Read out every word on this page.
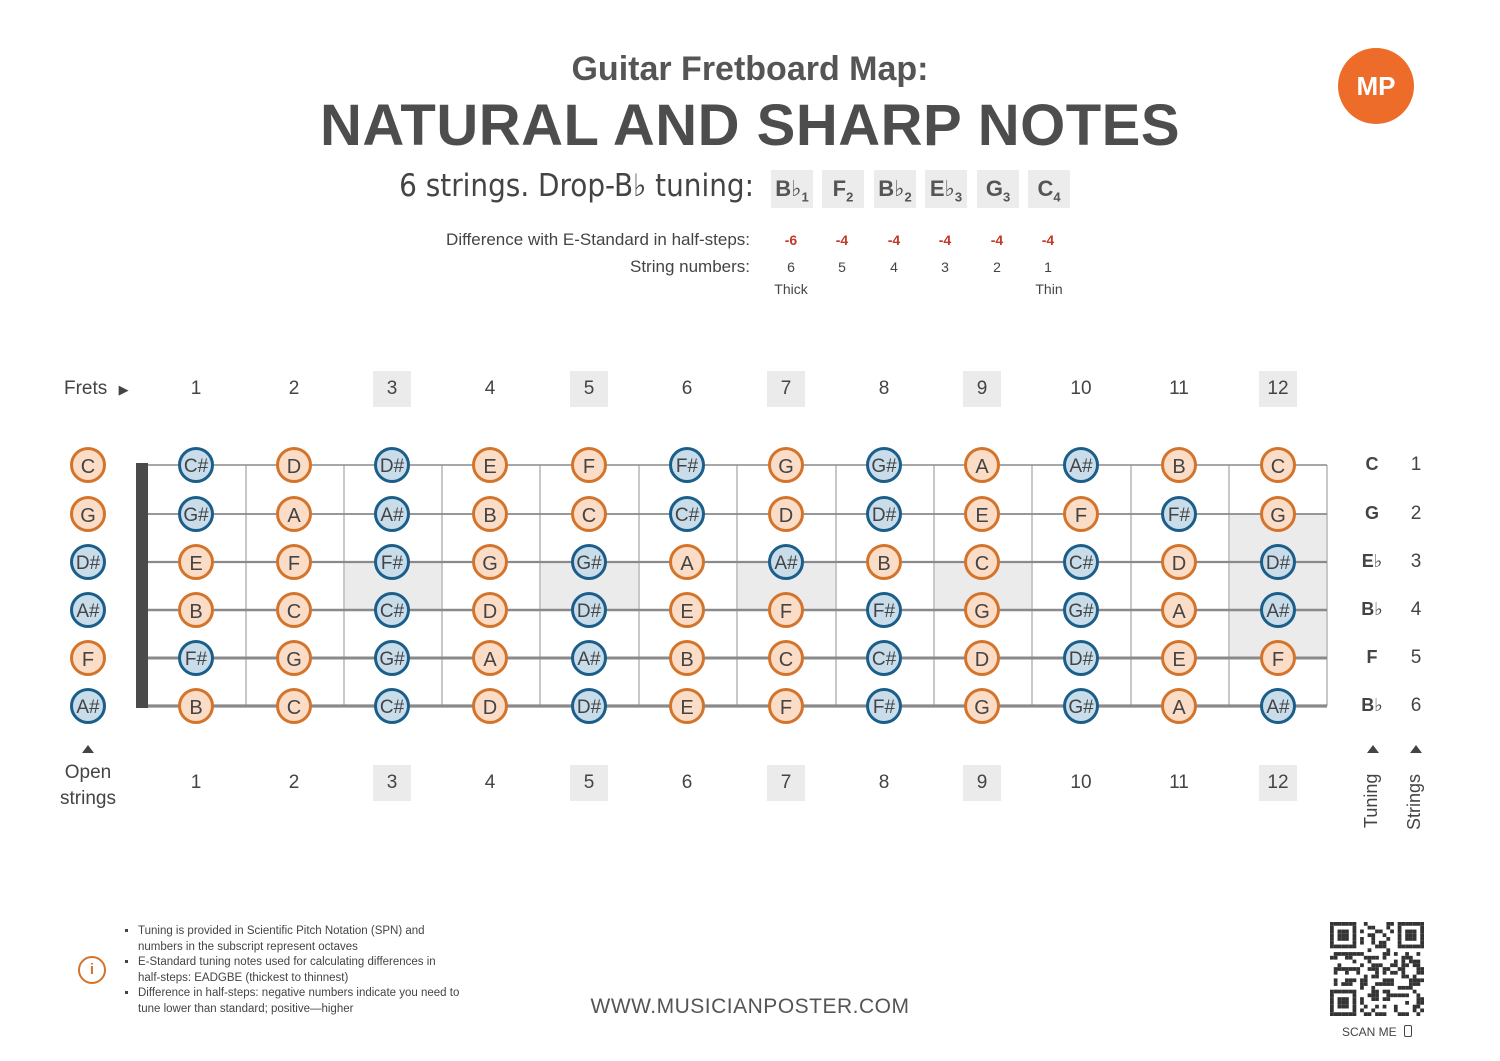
Guitar Fretboard Map:
NATURAL AND SHARP NOTES
MP
6 strings. Drop-B♭ tuning: $B♭_1$	$F_2$	$B♭_2$ $E♭_3$	$G_3$	$C_4$
Difference with E-Standard in half-steps:
String numbers:
-6	-4	-4	-4	-4	-4
6	5	4	3	2	1
Thick	Thin
Frets ▶	1	2	3	4	5	6	7	8	9	10	11	12
1	2	3	4	5	6	7	8	9	10	11	12
C	C#	D	D#	E	F	F#	G	G#	A	A#	B	C
G	G#	A	A#	B	C	C#	D	D#	E	F	F#	G
D#	E	F	F#	G	G#	A	A#	B	C	C#	D	D#
A#	B	C	C#	D	D#	E	F	F#	G	G#	A	A#
F	F#	G	G#	A	A#	B	C	C#	D	D#	E	F
A#	B	C	C#	D	D#	E	F	F#	G	G#	A	A#
C	1
G	2
E♭	3
B♭	4
F	5
B♭	6
Open
strings	Tuning Strings
i
▪ Tuning is provided in Scientific Pitch Notation (SPN) and numbers in the subscript represent octaves
▪ E-Standard tuning notes used for calculating differences in half-steps: EADGBE (thickest to thinnest)
▪ Difference in half-steps: negative numbers indicate you need to tune lower than standard; positive—higher	WWW.MUSICIANPOSTER.COM
SCAN ME
